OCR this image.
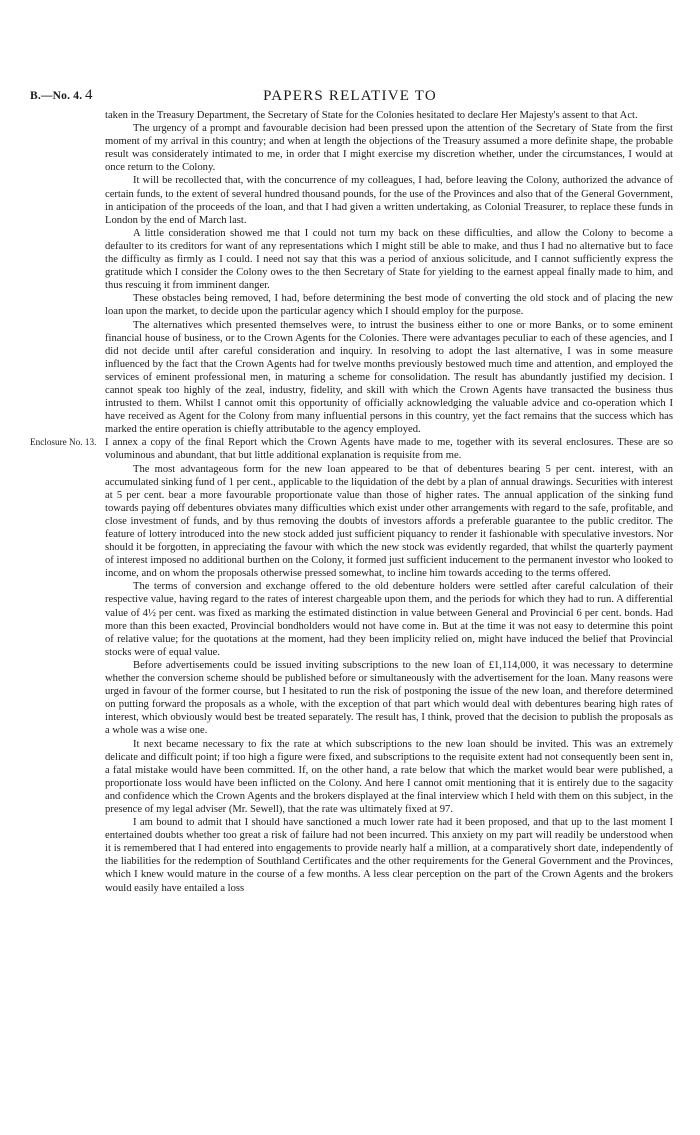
B.—No. 4. 4	PAPERS RELATIVE TO

taken in the Treasury Department, the Secretary of State for the Colonies hesitated to declare Her Majesty's assent to that Act.

The urgency of a prompt and favourable decision had been pressed upon the attention of the Secretary of State from the first moment of my arrival in this country; and when at length the objections of the Treasury assumed a more definite shape, the probable result was considerately intimated to me, in order that I might exercise my discretion whether, under the circumstances, I would at once return to the Colony.

It will be recollected that, with the concurrence of my colleagues, I had, before leaving the Colony, authorized the advance of certain funds, to the extent of several hundred thousand pounds, for the use of the Provinces and also that of the General Government, in anticipation of the proceeds of the loan, and that I had given a written undertaking, as Colonial Treasurer, to replace these funds in London by the end of March last.

A little consideration showed me that I could not turn my back on these difficulties, and allow the Colony to become a defaulter to its creditors for want of any representations which I might still be able to make, and thus I had no alternative but to face the difficulty as firmly as I could. I need not say that this was a period of anxious solicitude, and I cannot sufficiently express the gratitude which I consider the Colony owes to the then Secretary of State for yielding to the earnest appeal finally made to him, and thus rescuing it from imminent danger.

These obstacles being removed, I had, before determining the best mode of converting the old stock and of placing the new loan upon the market, to decide upon the particular agency which I should employ for the purpose.

The alternatives which presented themselves were, to intrust the business either to one or more Banks, or to some eminent financial house of business, or to the Crown Agents for the Colonies. There were advantages peculiar to each of these agencies, and I did not decide until after careful consideration and inquiry. In resolving to adopt the last alternative, I was in some measure influenced by the fact that the Crown Agents had for twelve months previously bestowed much time and attention, and employed the services of eminent professional men, in maturing a scheme for consolidation. The result has abundantly justified my decision. I cannot speak too highly of the zeal, industry, fidelity, and skill with which the Crown Agents have transacted the business thus intrusted to them. Whilst I cannot omit this opportunity of officially acknowledging the valuable advice and co-operation which I have received as Agent for the Colony from many influential persons in this country, yet the fact remains that the success which has marked the entire operation is chiefly attributable to the agency employed.

Enclosure No. 13. I annex a copy of the final Report which the Crown Agents have made to me, together with its several enclosures. These are so voluminous and abundant, that but little additional explanation is requisite from me.

The most advantageous form for the new loan appeared to be that of debentures bearing 5 per cent. interest, with an accumulated sinking fund of 1 per cent., applicable to the liquidation of the debt by a plan of annual drawings. Securities with interest at 5 per cent. bear a more favourable proportionate value than those of higher rates. The annual application of the sinking fund towards paying off debentures obviates many difficulties which exist under other arrangements with regard to the safe, profitable, and close investment of funds, and by thus removing the doubts of investors affords a preferable guarantee to the public creditor. The feature of lottery introduced into the new stock added just sufficient piquancy to render it fashionable with speculative investors. Nor should it be forgotten, in appreciating the favour with which the new stock was evidently regarded, that whilst the quarterly payment of interest imposed no additional burthen on the Colony, it formed just sufficient inducement to the permanent investor who looked to income, and on whom the proposals otherwise pressed somewhat, to incline him towards acceding to the terms offered.

The terms of conversion and exchange offered to the old debenture holders were settled after careful calculation of their respective value, having regard to the rates of interest chargeable upon them, and the periods for which they had to run. A differential value of 4½ per cent. was fixed as marking the estimated distinction in value between General and Provincial 6 per cent. bonds. Had more than this been exacted, Provincial bondholders would not have come in. But at the time it was not easy to determine this point of relative value; for the quotations at the moment, had they been implicity relied on, might have induced the belief that Provincial stocks were of equal value.

Before advertisements could be issued inviting subscriptions to the new loan of £1,114,000, it was necessary to determine whether the conversion scheme should be published before or simultaneously with the advertisement for the loan. Many reasons were urged in favour of the former course, but I hesitated to run the risk of postponing the issue of the new loan, and therefore determined on putting forward the proposals as a whole, with the exception of that part which would deal with debentures bearing high rates of interest, which obviously would best be treated separately. The result has, I think, proved that the decision to publish the proposals as a whole was a wise one.

It next became necessary to fix the rate at which subscriptions to the new loan should be invited. This was an extremely delicate and difficult point; if too high a figure were fixed, and subscriptions to the requisite extent had not consequently been sent in, a fatal mistake would have been committed. If, on the other hand, a rate below that which the market would bear were published, a proportionate loss would have been inflicted on the Colony. And here I cannot omit mentioning that it is entirely due to the sagacity and confidence which the Crown Agents and the brokers displayed at the final interview which I held with them on this subject, in the presence of my legal adviser (Mr. Sewell), that the rate was ultimately fixed at 97.

I am bound to admit that I should have sanctioned a much lower rate had it been proposed, and that up to the last moment I entertained doubts whether too great a risk of failure had not been incurred. This anxiety on my part will readily be understood when it is remembered that I had entered into engagements to provide nearly half a million, at a comparatively short date, independently of the liabilities for the redemption of Southland Certificates and the other requirements for the General Government and the Provinces, which I knew would mature in the course of a few months. A less clear perception on the part of the Crown Agents and the brokers would easily have entailed a loss
